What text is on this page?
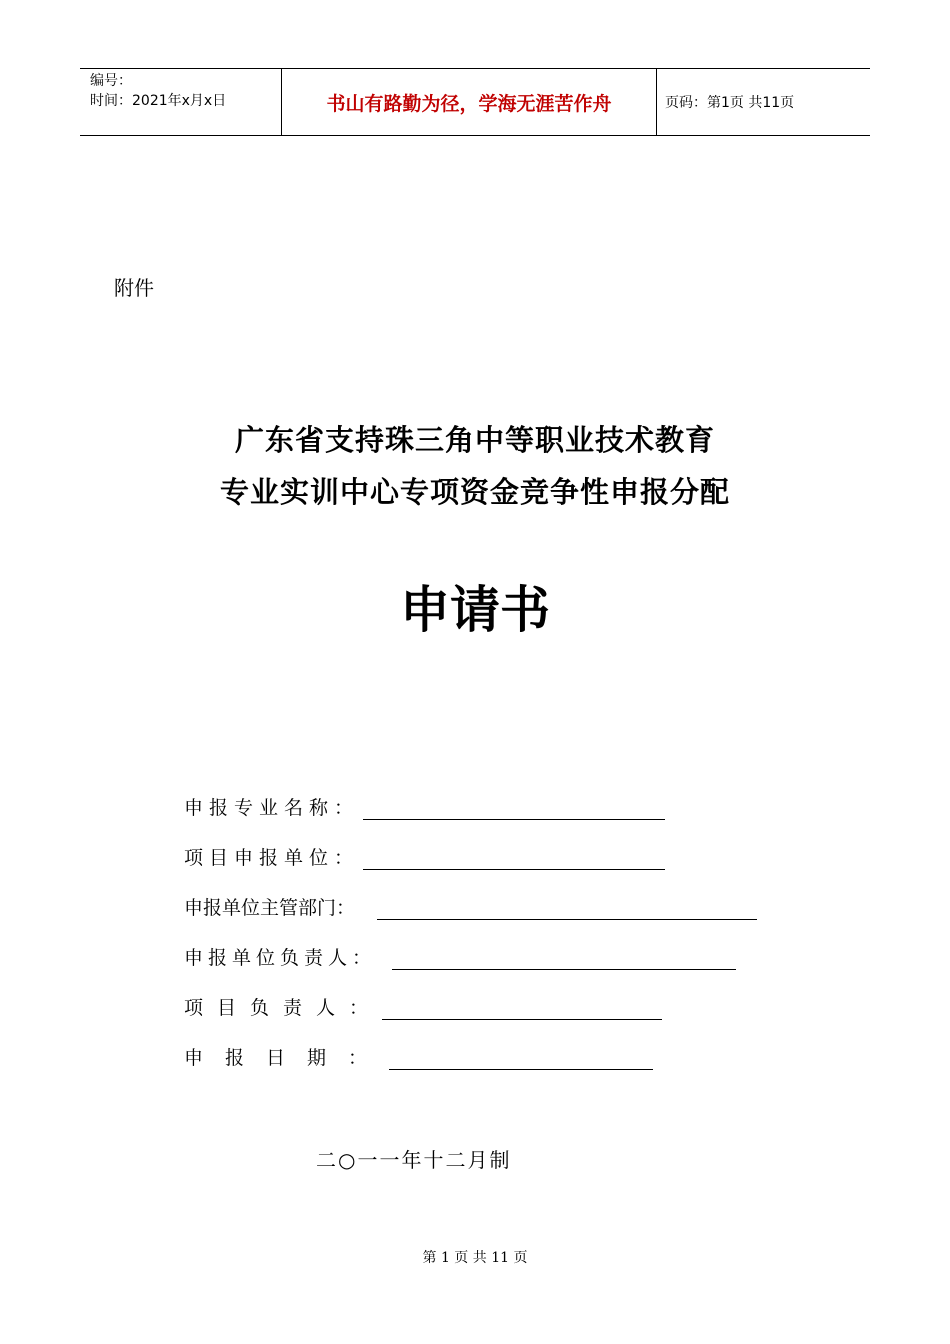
编号：
时间：2021年x月x日	书山有路勤为径，学海无涯苦作舟	页码：第1页 共11页
附件
广东省支持珠三角中等职业技术教育
专业实训中心专项资金竞争性申报分配
申请书
申报专业名称：
项目申报单位：
申报单位主管部门：
申报单位负责人：
项目负责人：
申报日期：
二○一一年十二月制
第 1 页 共 11 页
